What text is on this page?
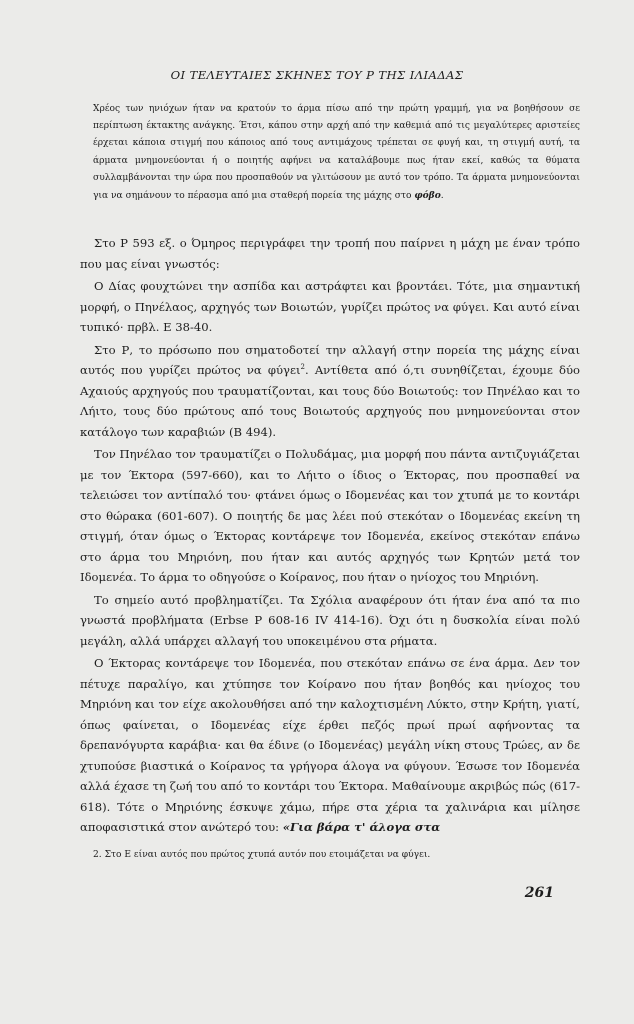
ΟΙ ΤΕΛΕΥΤΑΙΕΣ ΣΚΗΝΕΣ ΤΟΥ Ρ ΤΗΣ ΙΛΙΑΔΑΣ
Χρέος των ηνιόχων ήταν να κρατούν το άρμα πίσω από την πρώτη γραμμή, για να βοηθήσουν σε περίπτωση έκτακτης ανάγκης. Έτσι, κάπου στην αρχή από την καθεμιά από τις μεγαλύτερες αριστείες έρχεται κάποια στιγμή που κάποιος από τους αντιμάχους τρέπεται σε φυγή και, τη στιγμή αυτή, τα άρματα μνημονεύονται ή ο ποιητής αφήνει να καταλάβουμε πως ήταν εκεί, καθώς τα θύματα συλλαμβάνονται την ώρα που προσπαθούν να γλιτώσουν με αυτό τον τρόπο. Τα άρματα μνημονεύονται για να σημάνουν το πέρασμα από μια σταθερή πορεία της μάχης στο φόβο.

Στο Ρ 593 εξ. ο Όμηρος περιγράφει την τροπή που παίρνει η μάχη με έναν τρόπο που μας είναι γνωστός:

Ο Δίας φουχτώνει την ασπίδα και αστράφτει και βροντάει. Τότε, μια σημαντική μορφή, ο Πηνέλαος, αρχηγός των Βοιωτών, γυρίζει πρώτος να φύγει. Και αυτό είναι τυπικό· πρβλ. Ε 38-40.

Στο Ρ, το πρόσωπο που σηματοδοτεί την αλλαγή στην πορεία της μάχης είναι αυτός που γυρίζει πρώτος να φύγει$^2$. Αντίθετα από ό,τι συνηθίζεται, έχουμε δύο Αχαιούς αρχηγούς που τραυματίζονται, και τους δύο Βοιωτούς: τον Πηνέλαο και το Λήιτο, τους δύο πρώτους από τους Βοιωτούς αρχηγούς που μνημονεύονται στον κατάλογο των καραβιών (Β 494).

Τον Πηνέλαο τον τραυματίζει ο Πολυδάμας, μια μορφή που πάντα αντιζυγιάζεται με τον Έκτορα (597-660), και το Λήιτο ο ίδιος ο Έκτορας, που προσπαθεί να τελειώσει τον αντίπαλό του· φτάνει όμως ο Ιδομενέας και τον χτυπά με το κοντάρι στο θώρακα (601-607). Ο ποιητής δε μας λέει πού στεκόταν ο Ιδομενέας εκείνη τη στιγμή, όταν όμως ο Έκτορας κοντάρεψε τον Ιδομενέα, εκείνος στεκόταν επάνω στο άρμα του Μηριόνη, που ήταν και αυτός αρχηγός των Κρητών μετά τον Ιδομενέα. Το άρμα το οδηγούσε ο Κοίρανος, που ήταν ο ηνίοχος του Μηριόνη.

Το σημείο αυτό προβληματίζει. Τα Σχόλια αναφέρουν ότι ήταν ένα από τα πιο γνωστά προβλήματα (Erbse P 608-16 IV 414-16). Όχι ότι η δυσκολία είναι πολύ μεγάλη, αλλά υπάρχει αλλαγή του υποκειμένου στα ρήματα.

Ο Έκτορας κοντάρεψε τον Ιδομενέα, που στεκόταν επάνω σε ένα άρμα. Δεν τον πέτυχε παραλίγο, και χτύπησε τον Κοίρανο που ήταν βοηθός και ηνίοχος του Μηριόνη και τον είχε ακολουθήσει από την καλοχτισμένη Λύκτο, στην Κρήτη, γιατί, όπως φαίνεται, ο Ιδομενέας είχε έρθει πεζός πρωί πρωί αφήνοντας τα δρεπανόγυρτα καράβια· και θα έδινε (ο Ιδομενέας) μεγάλη νίκη στους Τρώες, αν δε χτυπούσε βιαστικά ο Κοίρανος τα γρήγορα άλογα να φύγουν. Έσωσε τον Ιδομενέα αλλά έχασε τη ζωή του από το κοντάρι του Έκτορα. Μαθαίνουμε ακριβώς πώς (617-618). Τότε ο Μηριόνης έσκυψε χάμω, πήρε στα χέρια τα χαλινάρια και μίλησε αποφασιστικά στον ανώτερό του: «Για βάρα τ' άλογα στα

2. Στο Ε είναι αυτός που πρώτος χτυπά αυτόν που ετοιμάζεται να φύγει.
261
